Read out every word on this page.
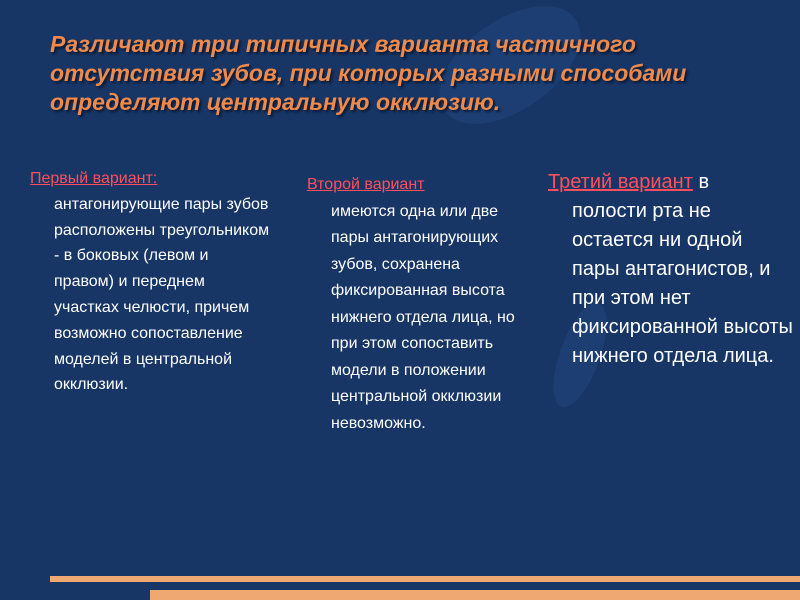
Различают три типичных варианта частичного отсутствия зубов, при которых разными способами определяют центральную окклюзию.
Первый вариант:
антагонирующие пары зубов расположены треугольником - в боковых (левом и правом) и переднем участках челюсти, причем возможно сопоставление моделей в центральной окклюзии.
Второй вариант
имеются одна или две пары антагонирующих зубов, сохранена фиксированная высота нижнего отдела лица, но при этом сопоставить модели в положении центральной окклюзии невозможно.
Третий вариант в
полости рта не остается ни одной пары антагонистов, и при этом нет фиксированной высоты нижнего отдела лица.
